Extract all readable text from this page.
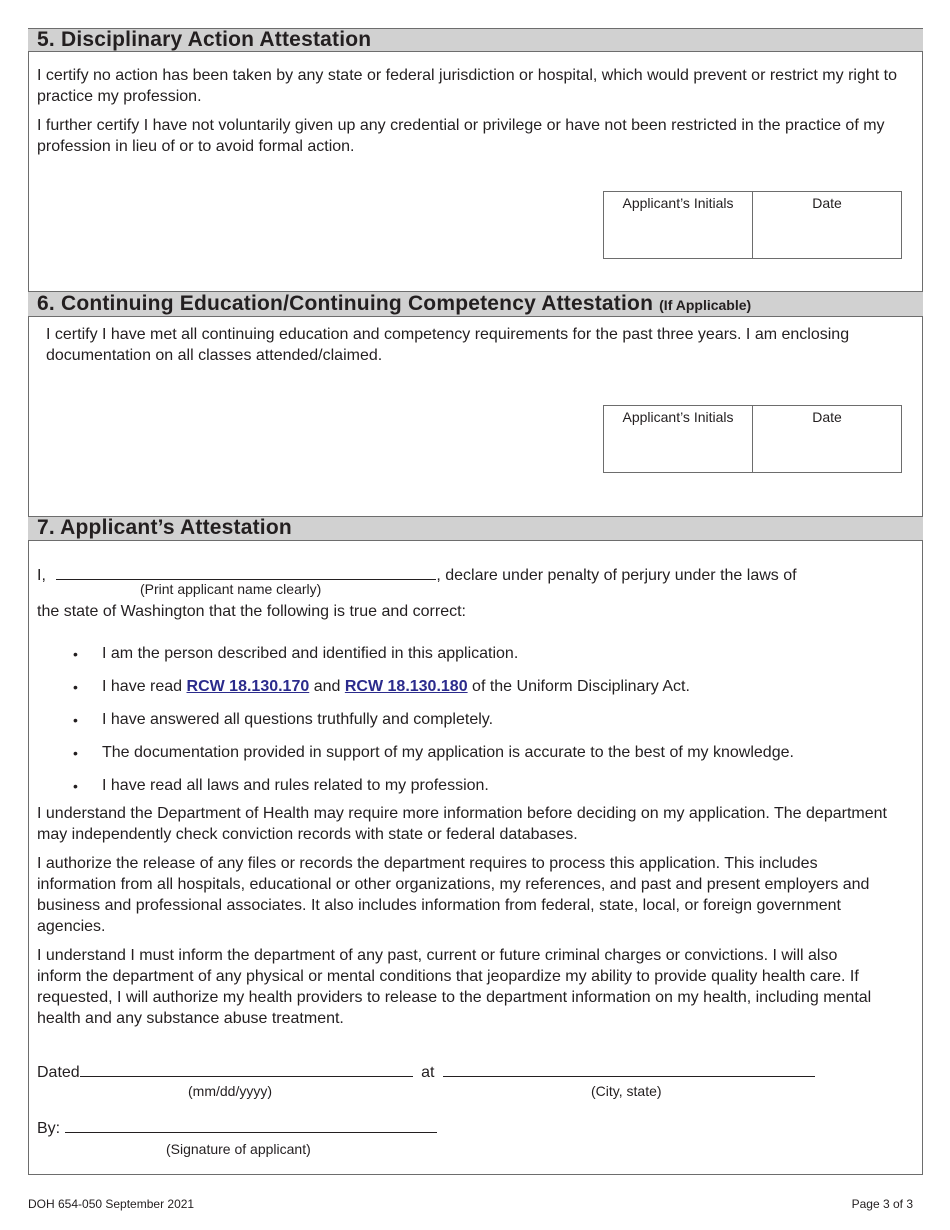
5. Disciplinary Action Attestation
I certify no action has been taken by any state or federal jurisdiction or hospital, which would prevent or restrict my right to practice my profession.
I further certify I have not voluntarily given up any credential or privilege or have not been restricted in the practice of my profession in lieu of or to avoid formal action.
Applicant’s Initials	Date
6. Continuing Education/Continuing Competency Attestation (If Applicable)
I certify I have met all continuing education and competency requirements for the past three years. I am enclosing documentation on all classes attended/claimed.
Applicant’s Initials	Date
7. Applicant’s Attestation
I,	, declare under penalty of perjury under the laws of
(Print applicant name clearly)
the state of Washington that the following is true and correct:
• I am the person described and identified in this application.
• I have read RCW 18.130.170 and RCW 18.130.180 of the Uniform Disciplinary Act.
• I have answered all questions truthfully and completely.
• The documentation provided in support of my application is accurate to the best of my knowledge.
• I have read all laws and rules related to my profession.
I understand the Department of Health may require more information before deciding on my application. The department may independently check conviction records with state or federal databases.
I authorize the release of any files or records the department requires to process this application. This includes information from all hospitals, educational or other organizations, my references, and past and present employers and business and professional associates. It also includes information from federal, state, local, or foreign government agencies.
I understand I must inform the department of any past, current or future criminal charges or convictions. I will also inform the department of any physical or mental conditions that jeopardize my ability to provide quality health care. If requested, I will authorize my health providers to release to the department information on my health, including mental health and any substance abuse treatment.
Dated	at
(mm/dd/yyyy)	(City, state)
By:
(Signature of applicant)
DOH 654-050 September 2021	Page 3 of 3
